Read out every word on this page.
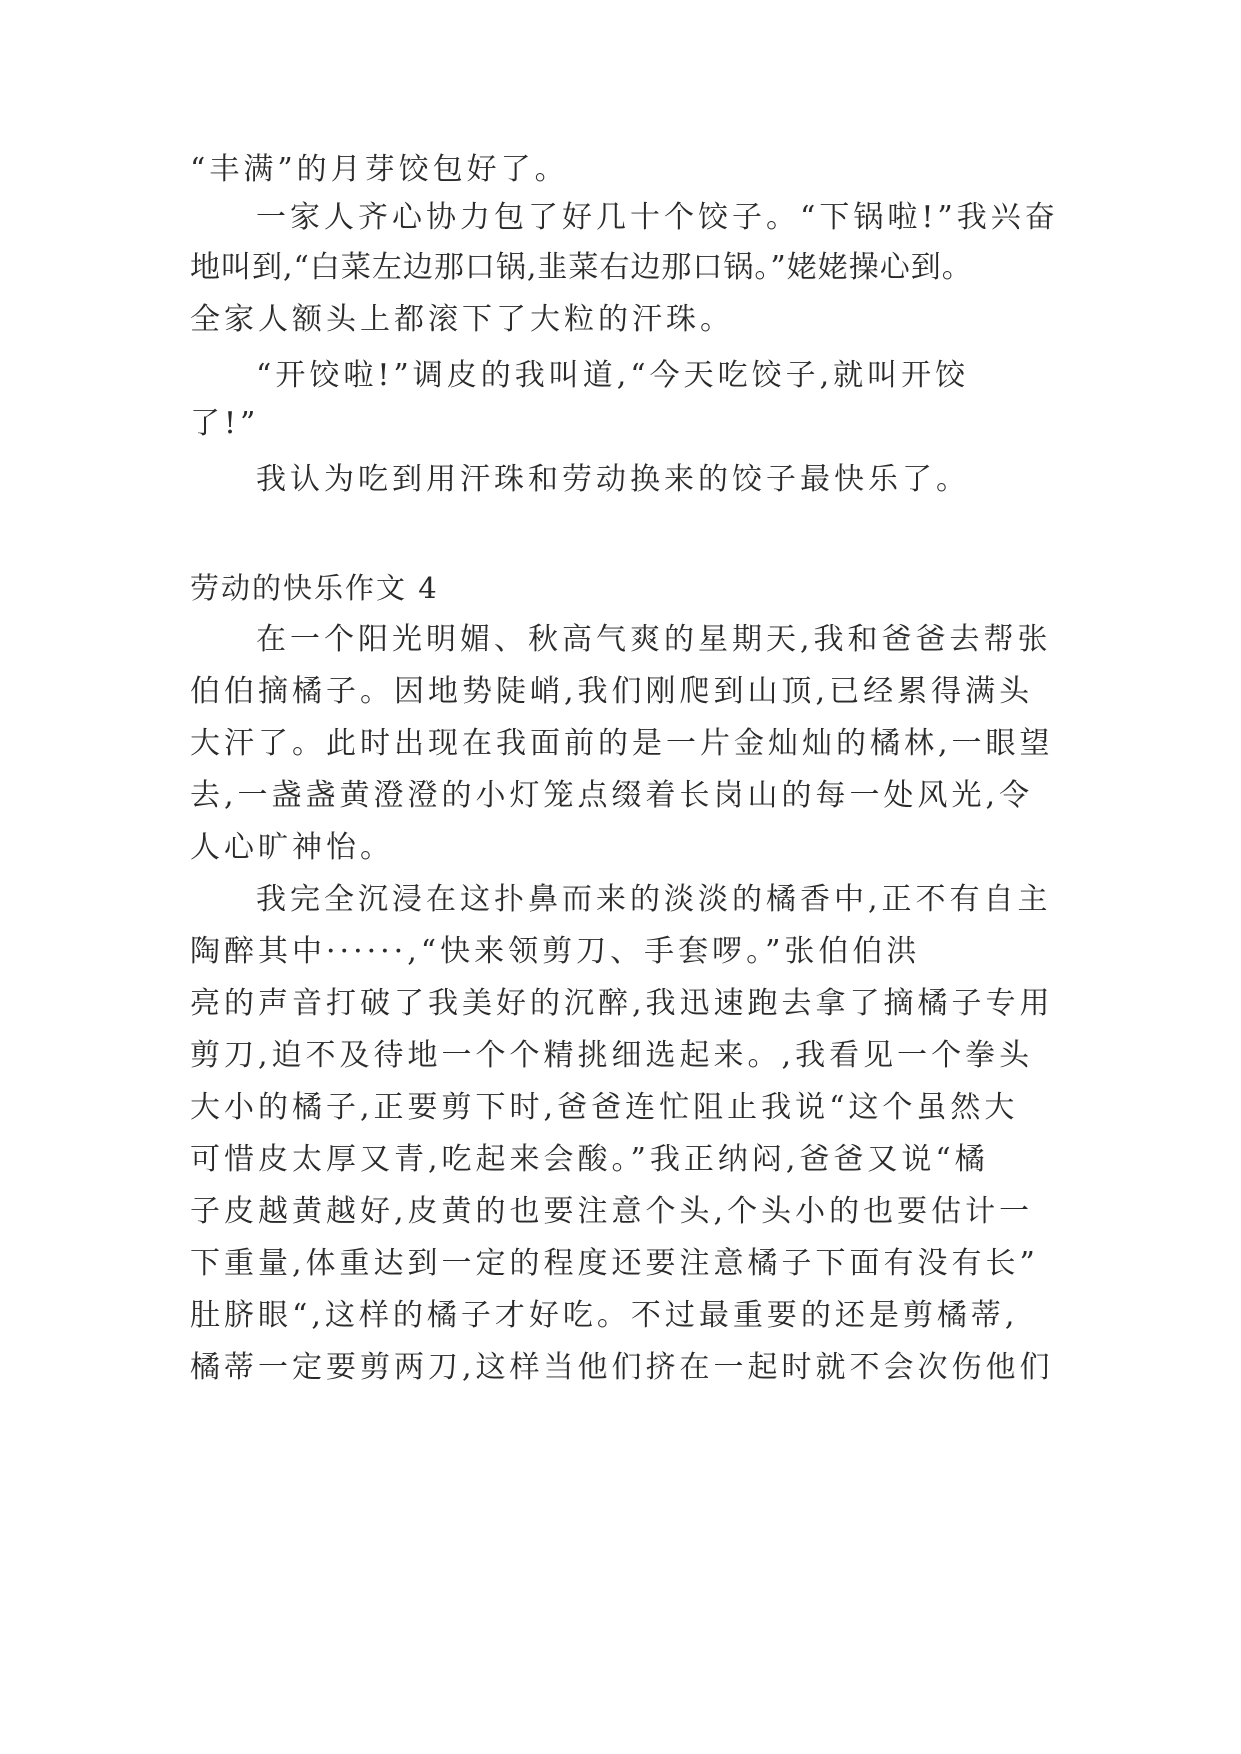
“丰满”的月芽饺包好了。
一家人齐心协力包了好几十个饺子。“下锅啦!”我兴奋
地叫到,“白菜左边那口锅,韭菜右边那口锅。”姥姥操心到。
全家人额头上都滚下了大粒的汗珠。
“开饺啦!”调皮的我叫道,“今天吃饺子,就叫开饺
了!”
我认为吃到用汗珠和劳动换来的饺子最快乐了。
劳动的快乐作文 4
在一个阳光明媚、秋高气爽的星期天,我和爸爸去帮张
伯伯摘橘子。因地势陡峭,我们刚爬到山顶,已经累得满头
大汗了。此时出现在我面前的是一片金灿灿的橘林,一眼望
去,一盏盏黄澄澄的小灯笼点缀着长岗山的每一处风光,令
人心旷神怡。
我完全沉浸在这扑鼻而来的淡淡的橘香中,正不有自主
陶醉其中······,“快来领剪刀、手套啰。”张伯伯洪
亮的声音打破了我美好的沉醉,我迅速跑去拿了摘橘子专用
剪刀,迫不及待地一个个精挑细选起来。,我看见一个拳头
大小的橘子,正要剪下时,爸爸连忙阻止我说“这个虽然大
可惜皮太厚又青,吃起来会酸。”我正纳闷,爸爸又说“橘
子皮越黄越好,皮黄的也要注意个头,个头小的也要估计一
下重量,体重达到一定的程度还要注意橘子下面有没有长”
肚脐眼“,这样的橘子才好吃。不过最重要的还是剪橘蒂,
橘蒂一定要剪两刀,这样当他们挤在一起时就不会次伤他们
